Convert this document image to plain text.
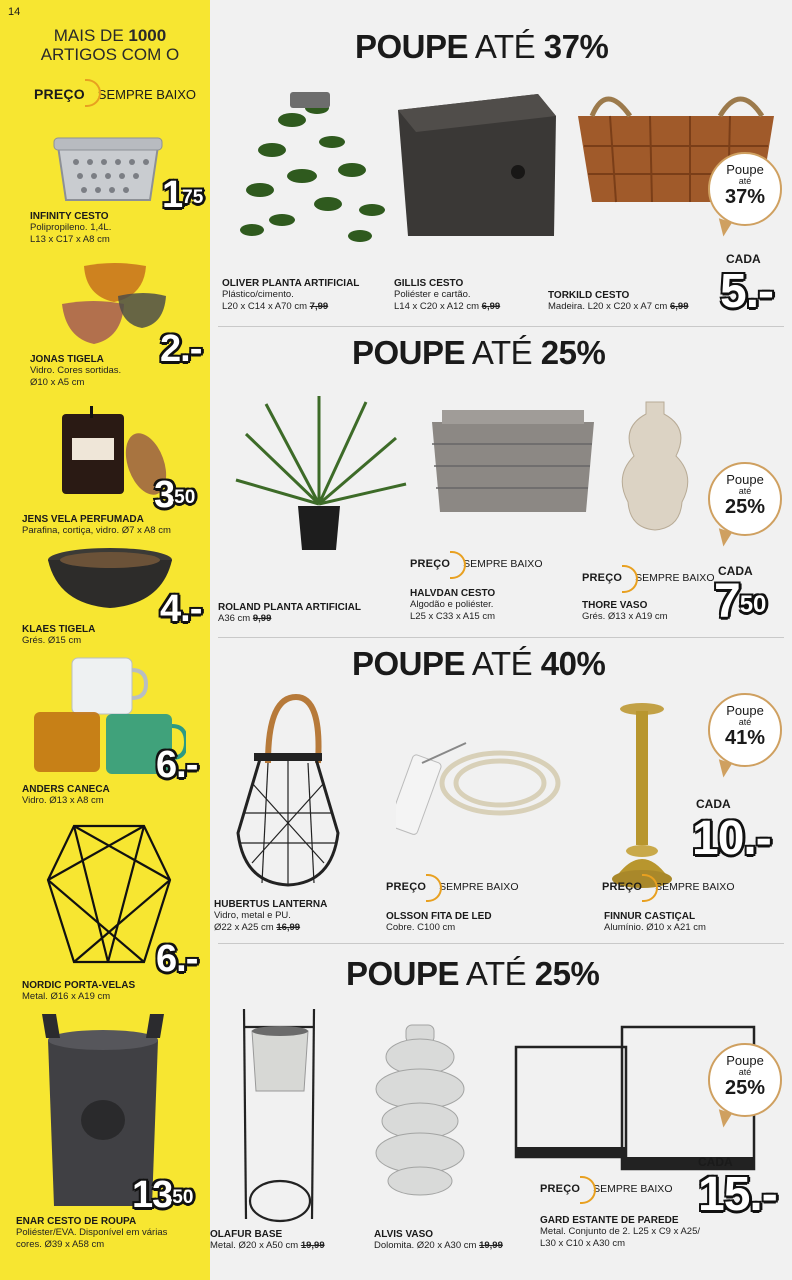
14
MAIS DE 1000
ARTIGOS COM O
PREÇO SEMPRE BAIXO
$1^{75}$
INFINITY CESTO
Polipropileno. 1,4L.
L13 x C17 x A8 cm
2.-
JONAS TIGELA
Vidro. Cores sortidas.
Ø10 x A5 cm
$3^{50}$
JENS VELA PERFUMADA
Parafina, cortiça, vidro. Ø7 x A8 cm
4.-
KLAES TIGELA
Grés. Ø15 cm
6.-
ANDERS CANECA
Vidro. Ø13 x A8 cm
6.-
NORDIC PORTA-VELAS
Metal. Ø16 x A19 cm
$13^{50}$
ENAR CESTO DE ROUPA
Poliéster/EVA. Disponível em várias
cores. Ø39 x A58 cm
POUPE ATÉ 37%
Poupe
até
37%
CADA
5.-
OLIVER PLANTA ARTIFICIAL
Plástico/cimento.
L20 x C14 x A70 cm 7,99
GILLIS CESTO
Poliéster e cartão.
L14 x C20 x A12 cm 6,99
TORKILD CESTO
Madeira. L20 x C20 x A7 cm 6,99
POUPE ATÉ 25%
PREÇO SEMPRE BAIXO
PREÇO SEMPRE BAIXO
Poupe
até
25%
CADA
$7^{50}$
ROLAND PLANTA ARTIFICIAL
A36 cm 9,99
HALVDAN CESTO
Algodão e poliéster.
L25 x C33 x A15 cm
THORE VASO
Grés. Ø13 x A19 cm
POUPE ATÉ 40%
PREÇO SEMPRE BAIXO	PREÇO SEMPRE BAIXO
Poupe
até
41%
CADA
10.-
HUBERTUS LANTERNA
Vidro, metal e PU.
Ø22 x A25 cm 16,99
OLSSON FITA DE LED
Cobre. C100 cm
FINNUR CASTIÇAL
Alumínio. Ø10 x A21 cm
POUPE ATÉ 25%
PREÇO SEMPRE BAIXO
Poupe
até
25%
CADA
15.-
OLAFUR BASE
Metal. Ø20 x A50 cm 19,99
ALVIS VASO
Dolomita. Ø20 x A30 cm 19,99
GARD ESTANTE DE PAREDE
Metal. Conjunto de 2. L25 x C9 x A25/
L30 x C10 x A30 cm
